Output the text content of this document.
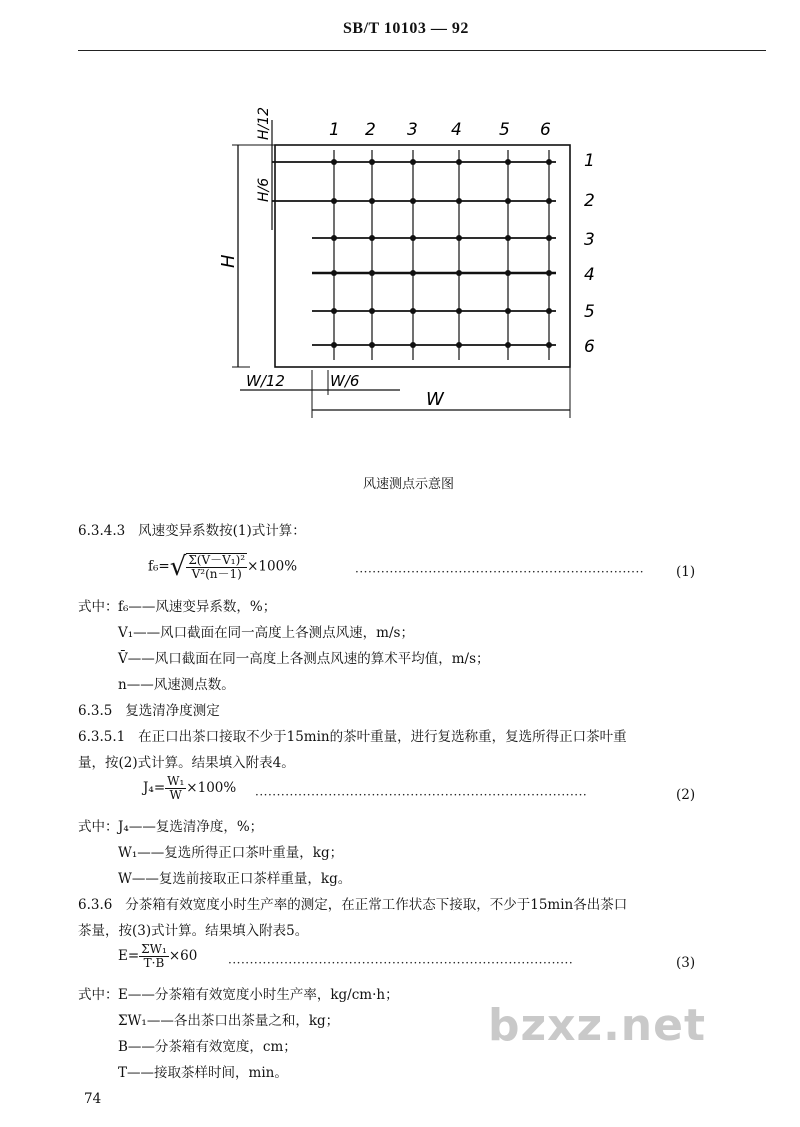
SB/T 10103 — 92
1 2 3 4 5 6
1
2
3
4
5
6
H/12
H/6
H
W/12	W/6
W
风速测点示意图
6.3.4.3 风速变异系数按(1)式计算：
$f_6=√ \frac{\text{Σ(V̄－V₁)²}}{\text{V̄²(n－1)}} \times 100\%$	··································································· (1)
式中： f₆——风速变异系数，%；
V₁——风口截面在同一高度上各测点风速，m/s；
V̄——风口截面在同一高度上各测点风速的算术平均值，m/s；
n——风速测点数。
6.3.5 复选清净度测定
6.3.5.1 在正口出茶口接取不少于15min的茶叶重量，进行复选称重，复选所得正口茶叶重
量，按(2)式计算。结果填入附表4。
$J_4= \frac{\text{W₁}}{W} \times 100\%$ ·············································································	(2)
式中： J₄——复选清净度，%；
W₁——复选所得正口茶叶重量，kg；
W——复选前接取正口茶样重量，kg。
6.3.6 分茶箱有效宽度小时生产率的测定，在正常工作状态下接取，不少于15min各出茶口
茶量，按(3)式计算。结果填入附表5。
$E= \frac{\text{ΣW₁}}{T\cdot B} \times 60$	················································································	(3)
式中： E——分茶箱有效宽度小时生产率，kg/cm·h；
ΣW₁——各出茶口出茶量之和，kg；
B——分茶箱有效宽度，cm；
T——接取茶样时间，min。
bzxz.net
74
